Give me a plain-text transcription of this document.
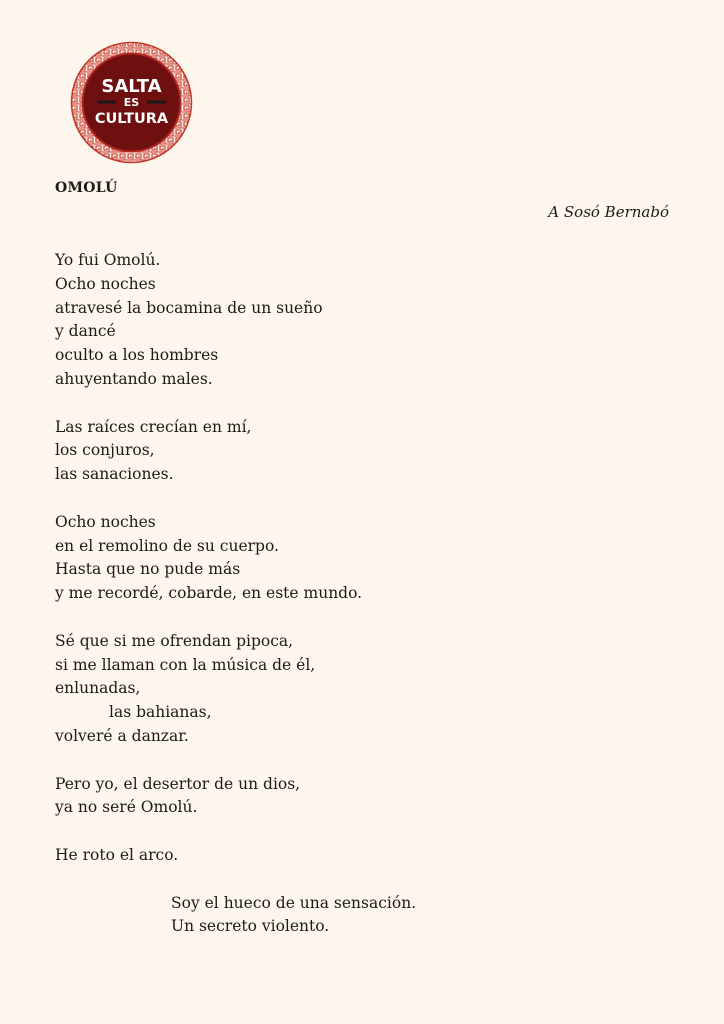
SALTA
ES
CULTURA
OMOLÚ
A Sosó Bernabó
Yo fui Omolú.
Ocho noches
atravesé la bocamina de un sueño
y dancé
oculto a los hombres
ahuyentando males.
Las raíces crecían en mí,
los conjuros,
las sanaciones.
Ocho noches
en el remolino de su cuerpo.
Hasta que no pude más
y me recordé, cobarde, en este mundo.
Sé que si me ofrendan pipoca,
si me llaman con la música de él,
enlunadas,
las bahianas,
volveré a danzar.
Pero yo, el desertor de un dios,
ya no seré Omolú.
He roto el arco.
Soy el hueco de una sensación.
Un secreto violento.
